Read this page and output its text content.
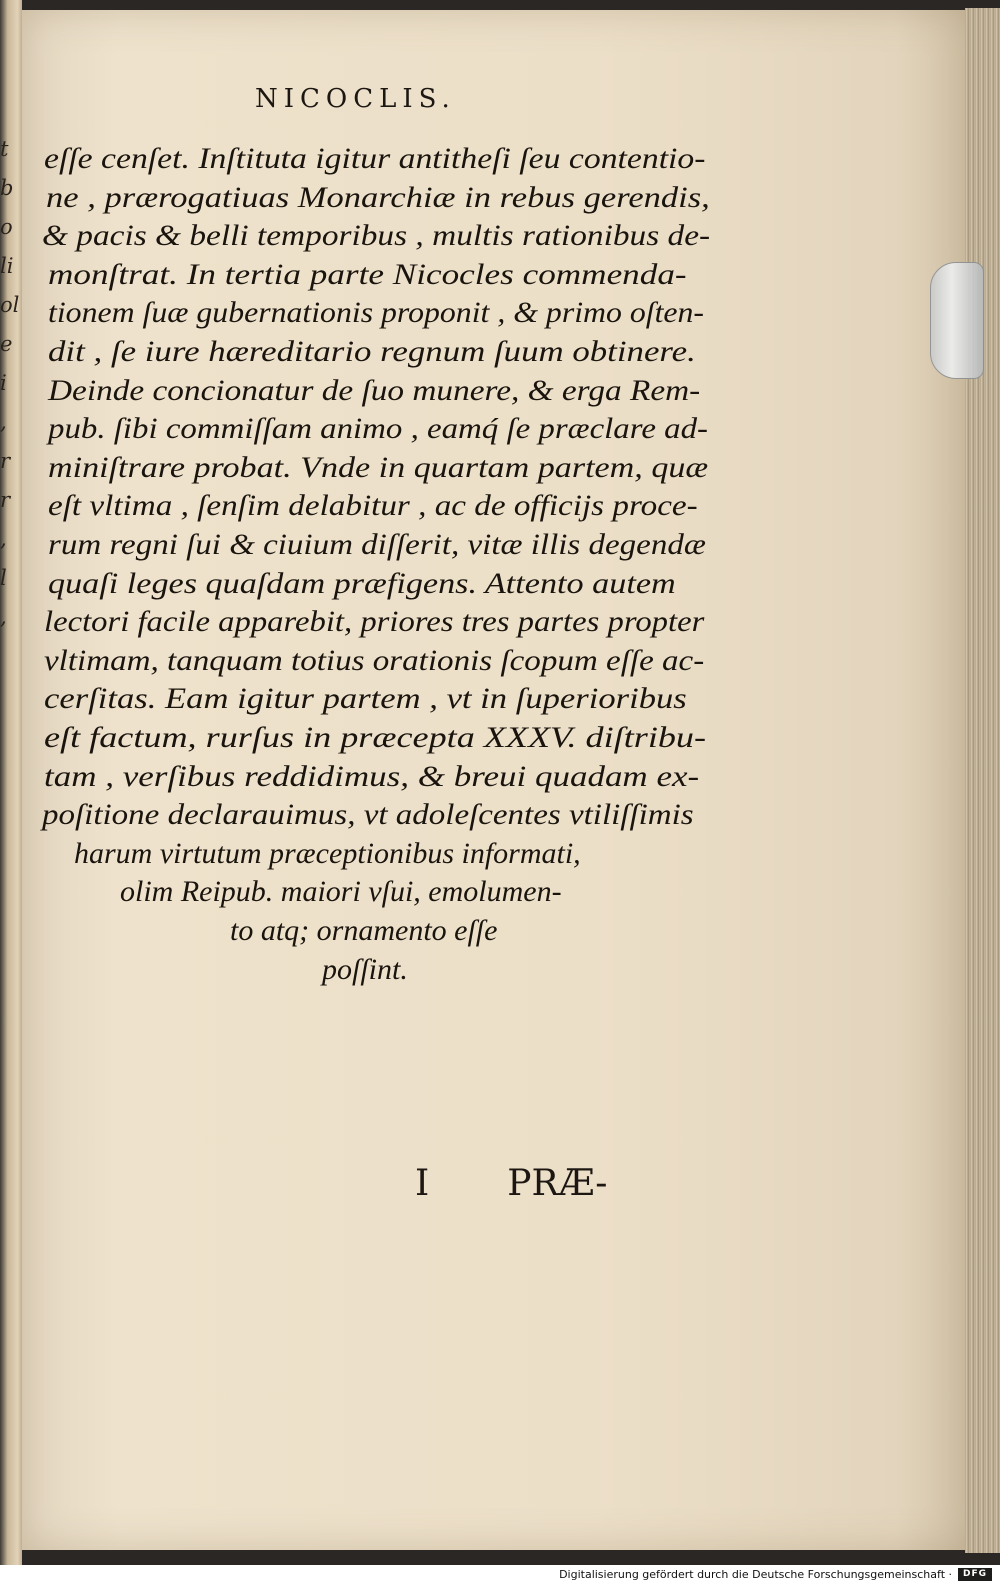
t
b
o
li
ol
e
i
,
r
r
,
l
,
NICOCLIS.
eſſe cenſet. Inſtituta igitur antitheſi ſeu contentio-
ne , prærogatiuas Monarchiæ in rebus gerendis,
& pacis & belli temporibus , multis rationibus de-
monſtrat. In tertia parte Nicocles commenda-
tionem ſuæ gubernationis proponit , & primo oſten-
dit , ſe iure hæreditario regnum ſuum obtinere.
Deinde concionatur de ſuo munere, & erga Rem-
pub. ſibi commiſſam animo , eamq́ ſe præclare ad-
miniſtrare probat. Vnde in quartam partem, quæ
eſt vltima , ſenſim delabitur , ac de officijs proce-
rum regni ſui & ciuium diſſerit, vitæ illis degendæ
quaſi leges quaſdam præfigens. Attento autem
lectori facile apparebit, priores tres partes propter
vltimam, tanquam totius orationis ſcopum eſſe ac-
cerſitas. Eam igitur partem , vt in ſuperioribus
eſt factum, rurſus in præcepta XXXV. diſtribu-
tam , verſibus reddidimus, & breui quadam ex-
poſitione declarauimus, vt adoleſcentes vtiliſſimis
harum virtutum præceptionibus informati,
olim Reipub. maiori vſui, emolumen-
to atq; ornamento eſſe
poſſint.
I PRÆ-
Digitalisierung gefördert durch die Deutsche Forschungsgemeinschaft ·	DFG
